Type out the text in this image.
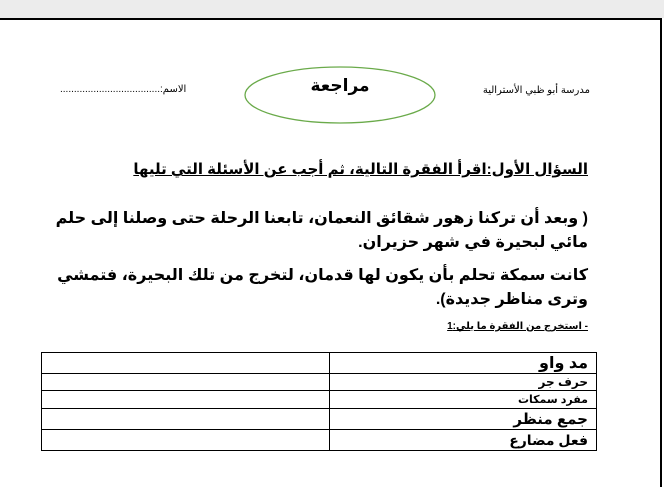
مدرسة أبو ظبي الأسترالية
مراجعة
الاسم:....................................
السؤال الأول:اقرأ الفقرة التالية، ثم أجب عن الأسئلة التي تليها
( وبعد أن تركنا زهور شقائق النعمان، تابعنا الرحلة حتى وصلنا إلى حلم مائي لبحيرة في شهر حزيران.
كانت سمكة تحلم بأن يكون لها قدمان، لتخرج من تلك البحيرة، فتمشي وترى مناظر جديدة).
- استخرج من الفقرة ما يلي:1
مد واو	
حرف جر	
مفرد سمكات	
جمع منظر	
فعل مضارع	
